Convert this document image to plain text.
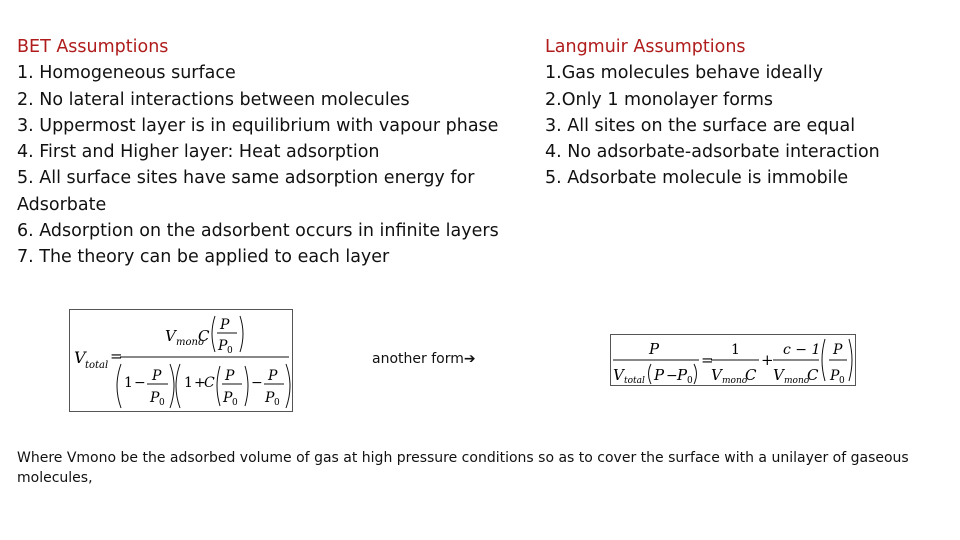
BET Assumptions
1. Homogeneous surface
2. No lateral interactions between molecules
3. Uppermost layer is in equilibrium with vapour phase
4. First and Higher layer: Heat adsorption
5. All surface sites have same adsorption energy for Adsorbate
6. Adsorption on the adsorbent occurs in infinite layers
7. The theory can be applied to each layer
Langmuir Assumptions
1.Gas molecules behave ideally
2.Only 1 monolayer forms
3. All sites on the surface are equal
4. No adsorbate-adsorbate interaction
5. Adsorbate molecule is immobile
V total
=
V mono
C
P
P 0
1 − P
P 0
1 +
C P
P 0
− P
P 0
another form➔
P
V total P − P 0
=
1
V mono
C
+
c − 1
V mono
C
P
P 0
Where Vmono be the adsorbed volume of gas at high pressure conditions so as to cover the surface with a unilayer of gaseous molecules,
